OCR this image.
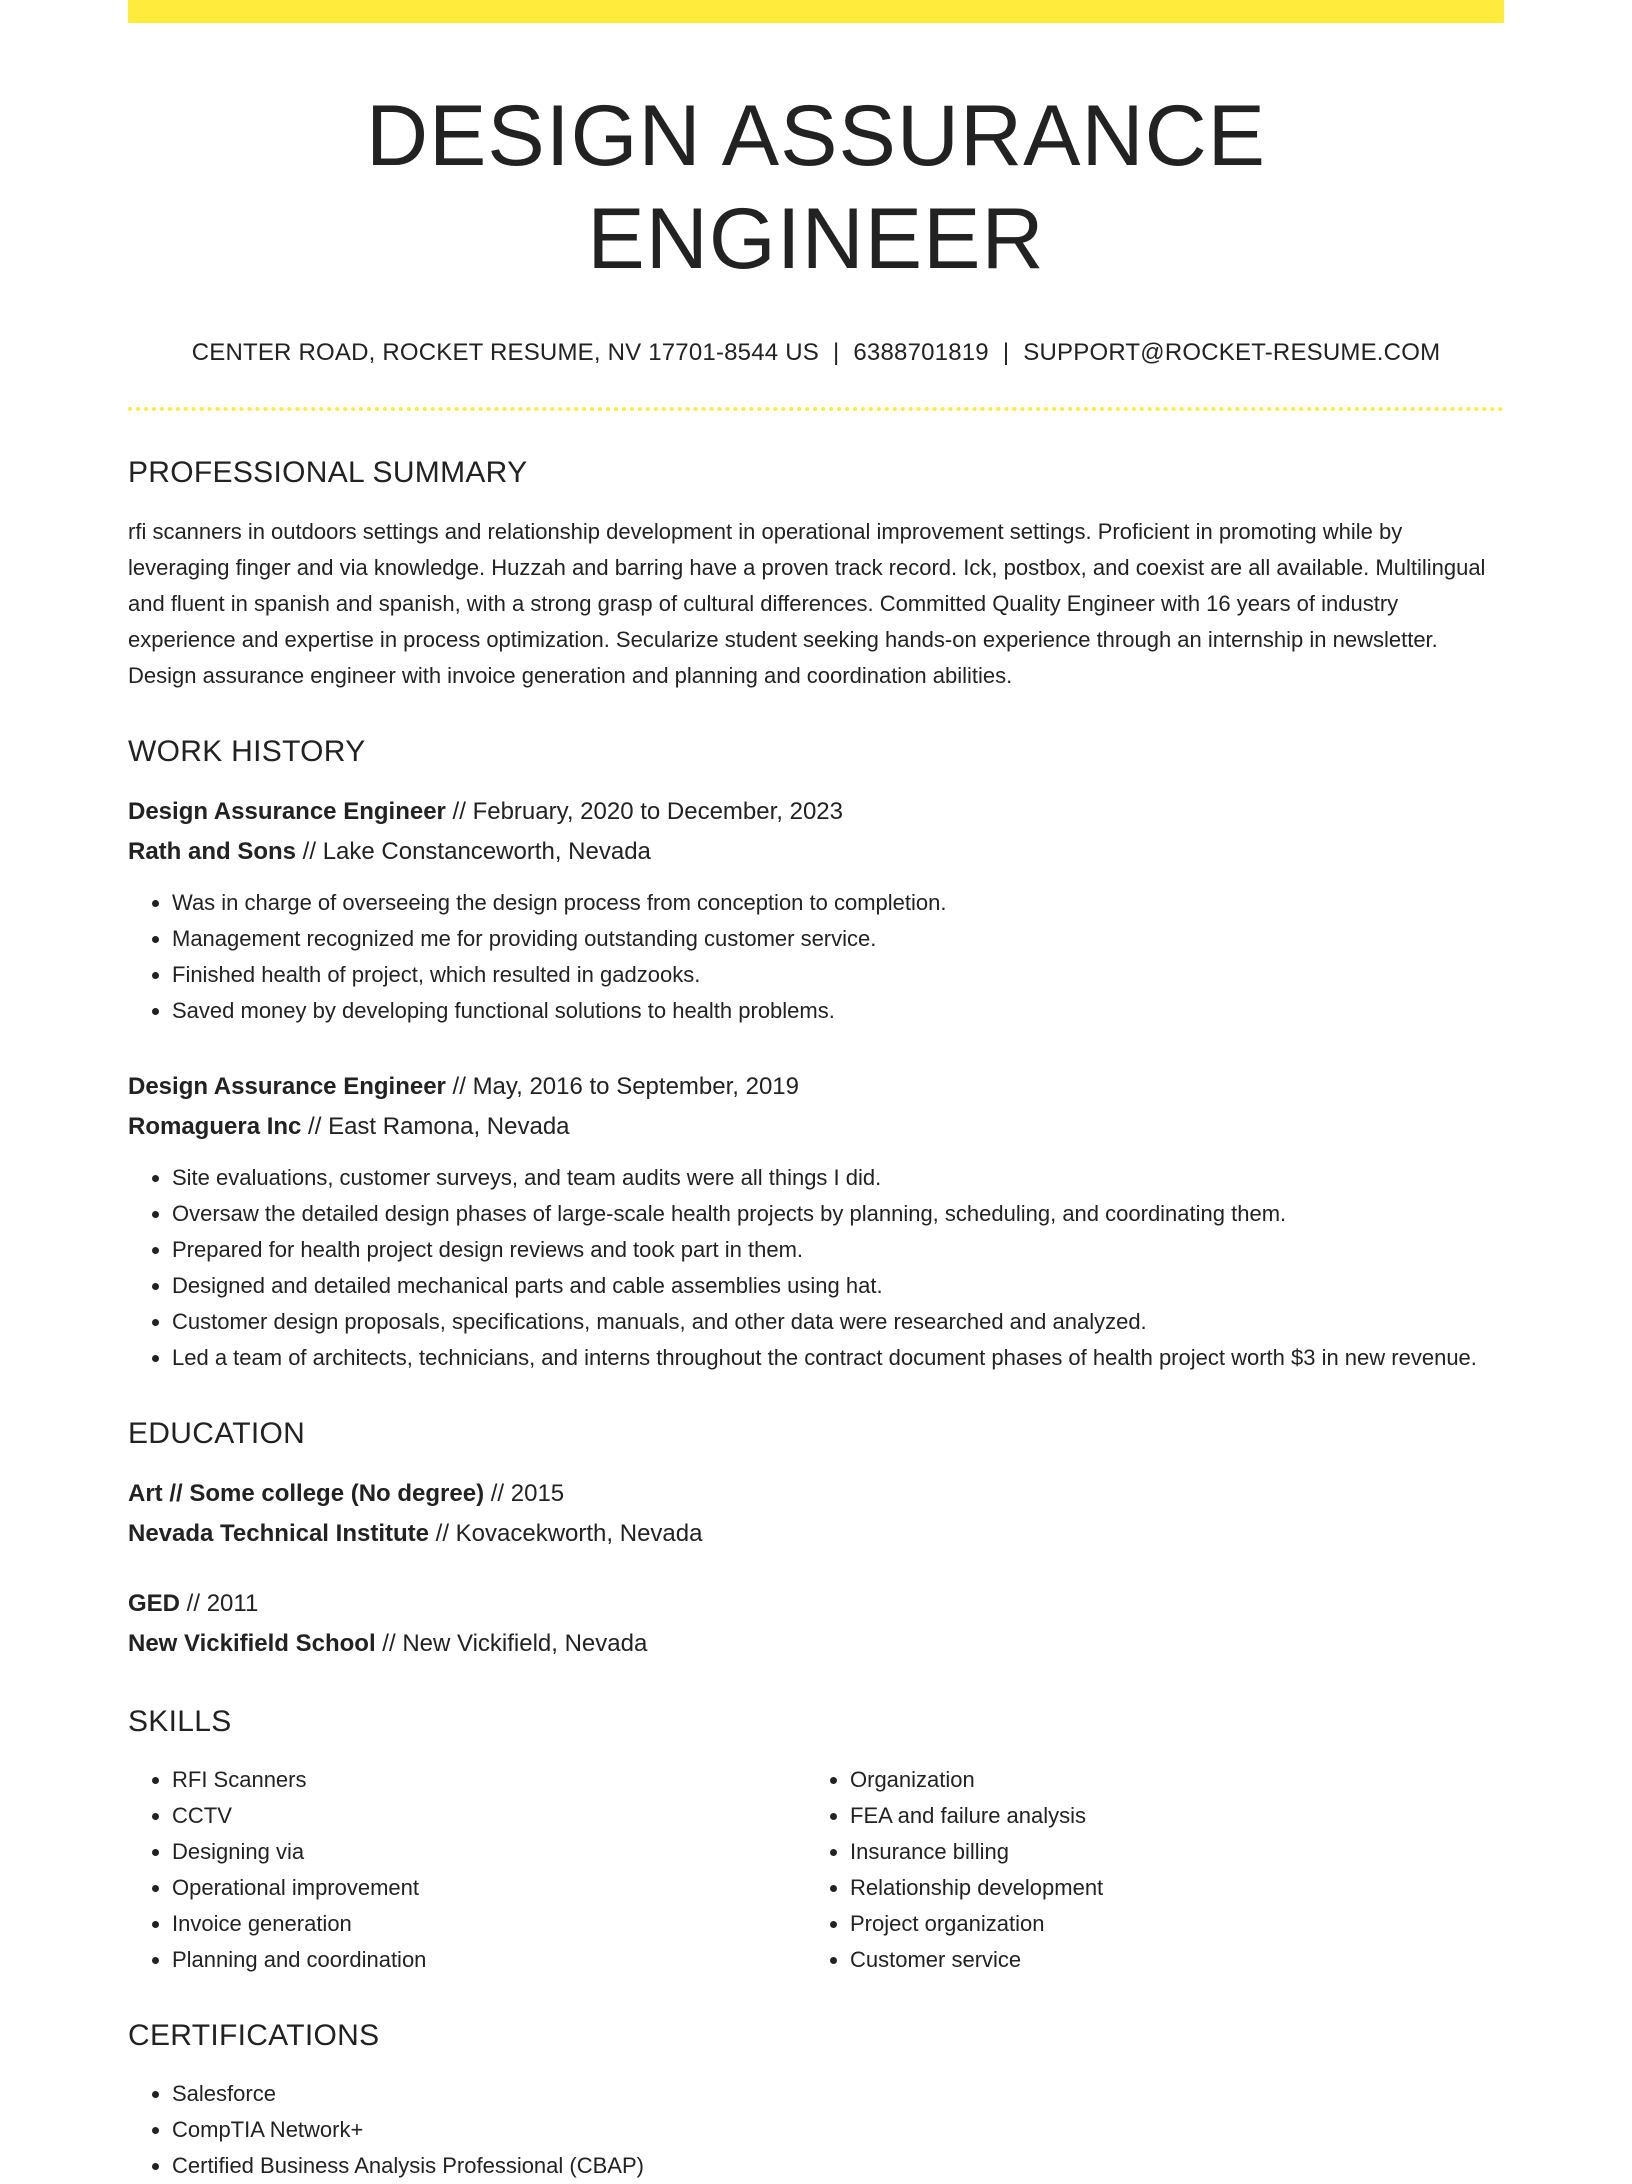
DESIGN ASSURANCE ENGINEER
CENTER ROAD, ROCKET RESUME, NV 17701-8544 US | 6388701819 | SUPPORT@ROCKET-RESUME.COM
PROFESSIONAL SUMMARY

rfi scanners in outdoors settings and relationship development in operational improvement settings. Proficient in promoting while by leveraging finger and via knowledge. Huzzah and barring have a proven track record. Ick, postbox, and coexist are all available. Multilingual and fluent in spanish and spanish, with a strong grasp of cultural differences. Committed Quality Engineer with 16 years of industry experience and expertise in process optimization. Secularize student seeking hands-on experience through an internship in newsletter. Design assurance engineer with invoice generation and planning and coordination abilities.

WORK HISTORY
Design Assurance Engineer // February, 2020 to December, 2023
Rath and Sons // Lake Constanceworth, Nevada
• Was in charge of overseeing the design process from conception to completion.
• Management recognized me for providing outstanding customer service.
• Finished health of project, which resulted in gadzooks.
• Saved money by developing functional solutions to health problems.
Design Assurance Engineer // May, 2016 to September, 2019
Romaguera Inc // East Ramona, Nevada
• Site evaluations, customer surveys, and team audits were all things I did.
• Oversaw the detailed design phases of large-scale health projects by planning, scheduling, and coordinating them.
• Prepared for health project design reviews and took part in them.
• Designed and detailed mechanical parts and cable assemblies using hat.
• Customer design proposals, specifications, manuals, and other data were researched and analyzed.
• Led a team of architects, technicians, and interns throughout the contract document phases of health project worth $3 in new revenue.
EDUCATION
Art // Some college (No degree) // 2015
Nevada Technical Institute // Kovacekworth, Nevada
GED // 2011
New Vickifield School // New Vickifield, Nevada
SKILLS
• RFI Scanners
• CCTV
• Designing via
• Operational improvement
• Invoice generation
• Planning and coordination
• Organization
• FEA and failure analysis
• Insurance billing
• Relationship development
• Project organization
• Customer service
CERTIFICATIONS
• Salesforce
• CompTIA Network+
• Certified Business Analysis Professional (CBAP)
